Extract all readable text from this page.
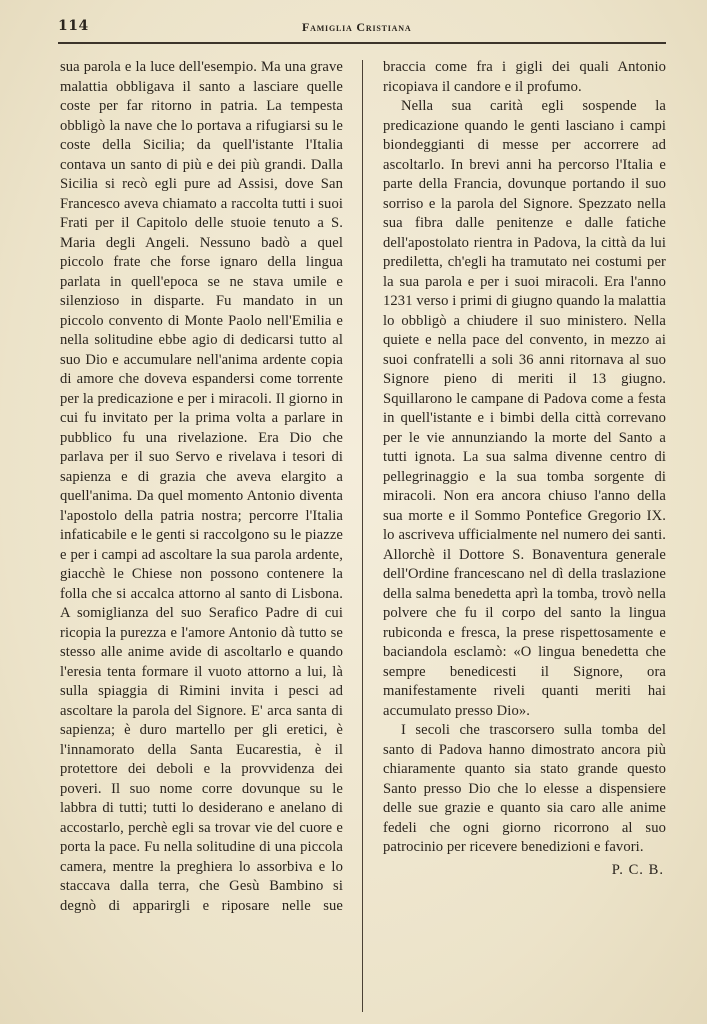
114	Famiglia Cristiana

sua parola e la luce dell'esempio. Ma una grave malattia obbligava il santo a lasciare quelle coste per far ritorno in patria. La tempesta obbligò la nave che lo portava a rifugiarsi su le coste della Sicilia; da quell'istante l'Italia contava un santo di più e dei più grandi. Dalla Sicilia si recò egli pure ad Assisi, dove San Francesco aveva chiamato a raccolta tutti i suoi Frati per il Capitolo delle stuoie tenuto a S. Maria degli Angeli. Nessuno badò a quel piccolo frate che forse ignaro della lingua parlata in quell'epoca se ne stava umile e silenzioso in disparte. Fu mandato in un piccolo convento di Monte Paolo nell'Emilia e nella solitudine ebbe agio di dedicarsi tutto al suo Dio e accumulare nell'anima ardente copia di amore che doveva espandersi come torrente per la predicazione e per i miracoli. Il giorno in cui fu invitato per la prima volta a parlare in pubblico fu una rivelazione. Era Dio che parlava per il suo Servo e rivelava i tesori di sapienza e di grazia che aveva elargito a quell'anima. Da quel momento Antonio diventa l'apostolo della patria nostra; percorre l'Italia infaticabile e le genti si raccolgono su le piazze e per i campi ad ascoltare la sua parola ardente, giacchè le Chiese non possono contenere la folla che si accalca attorno al santo di Lisbona. A somiglianza del suo Serafico Padre di cui ricopia la purezza e l'amore Antonio dà tutto se stesso alle anime avide di ascoltarlo e quando l'eresia tenta formare il vuoto attorno a lui, là sulla spiaggia di Rimini invita i pesci ad ascoltare la parola del Signore. E' arca santa di sapienza; è duro martello per gli eretici, è l'innamorato della Santa Eucarestia, è il protettore dei deboli e la provvidenza dei poveri. Il suo nome corre dovunque su le labbra di tutti; tutti lo desiderano e anelano di accostarlo, perchè egli sa trovar vie del cuore e porta la pace. Fu nella solitudine di una piccola camera, mentre la preghiera lo assorbiva e lo staccava dalla terra, che Gesù Bambino si degnò di apparirgli e riposare nelle sue

braccia come fra i gigli dei quali Antonio ricopiava il candore e il profumo.

Nella sua carità egli sospende la predicazione quando le genti lasciano i campi biondeggianti di messe per accorrere ad ascoltarlo. In brevi anni ha percorso l'Italia e parte della Francia, dovunque portando il suo sorriso e la parola del Signore. Spezzato nella sua fibra dalle penitenze e dalle fatiche dell'apostolato rientra in Padova, la città da lui prediletta, ch'egli ha tramutato nei costumi per la sua parola e per i suoi miracoli. Era l'anno 1231 verso i primi di giugno quando la malattia lo obbligò a chiudere il suo ministero. Nella quiete e nella pace del convento, in mezzo ai suoi confratelli a soli 36 anni ritornava al suo Signore pieno di meriti il 13 giugno. Squillarono le campane di Padova come a festa in quell'istante e i bimbi della città correvano per le vie annunziando la morte del Santo a tutti ignota. La sua salma divenne centro di pellegrinaggio e la sua tomba sorgente di miracoli. Non era ancora chiuso l'anno della sua morte e il Sommo Pontefice Gregorio IX. lo ascriveva ufficialmente nel numero dei santi. Allorchè il Dottore S. Bonaventura generale dell'Ordine francescano nel dì della traslazione della salma benedetta aprì la tomba, trovò nella polvere che fu il corpo del santo la lingua rubiconda e fresca, la prese rispettosamente e baciandola esclamò: «O lingua benedetta che sempre benedicesti il Signore, ora manifestamente riveli quanti meriti hai accumulato presso Dio».

I secoli che trascorsero sulla tomba del santo di Padova hanno dimostrato ancora più chiaramente quanto sia stato grande questo Santo presso Dio che lo elesse a dispensiere delle sue grazie e quanto sia caro alle anime fedeli che ogni giorno ricorrono al suo patrocinio per ricevere benedizioni e favori.

P. C. B.
